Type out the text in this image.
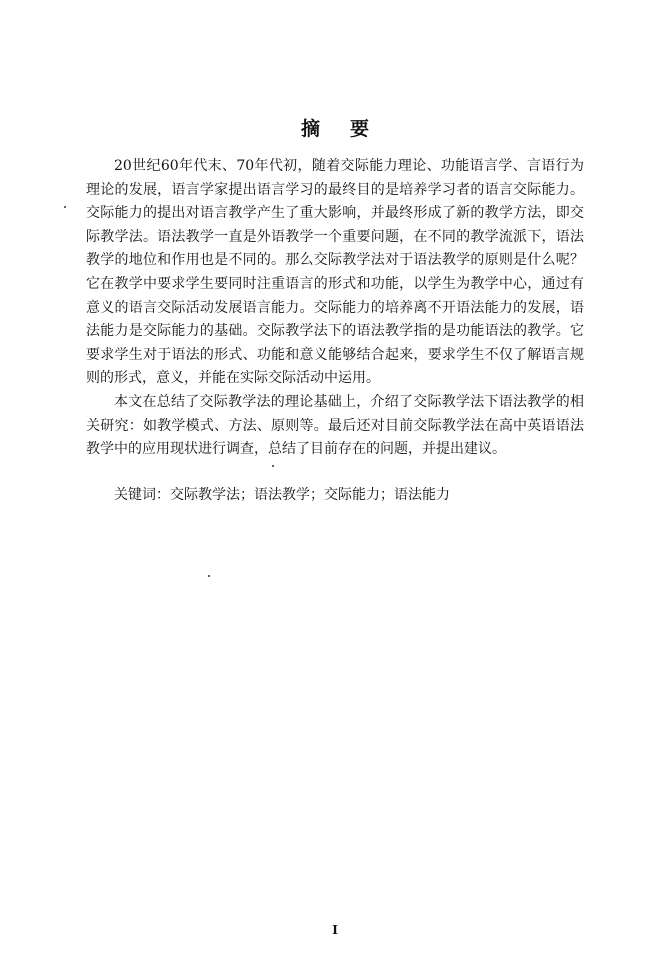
摘 要

20世纪60年代末、70年代初，随着交际能力理论、功能语言学、言语行为理论的发展，语言学家提出语言学习的最终目的是培养学习者的语言交际能力。交际能力的提出对语言教学产生了重大影响，并最终形成了新的教学方法，即交际教学法。语法教学一直是外语教学一个重要问题，在不同的教学流派下，语法教学的地位和作用也是不同的。那么交际教学法对于语法教学的原则是什么呢？它在教学中要求学生要同时注重语言的形式和功能，以学生为教学中心，通过有意义的语言交际活动发展语言能力。交际能力的培养离不开语法能力的发展，语法能力是交际能力的基础。交际教学法下的语法教学指的是功能语法的教学。它要求学生对于语法的形式、功能和意义能够结合起来，要求学生不仅了解语言规则的形式，意义，并能在实际交际活动中运用。

本文在总结了交际教学法的理论基础上，介绍了交际教学法下语法教学的相关研究：如教学模式、方法、原则等。最后还对目前交际教学法在高中英语语法教学中的应用现状进行调查，总结了目前存在的问题，并提出建议。

关键词：交际教学法；语法教学；交际能力；语法能力
I
